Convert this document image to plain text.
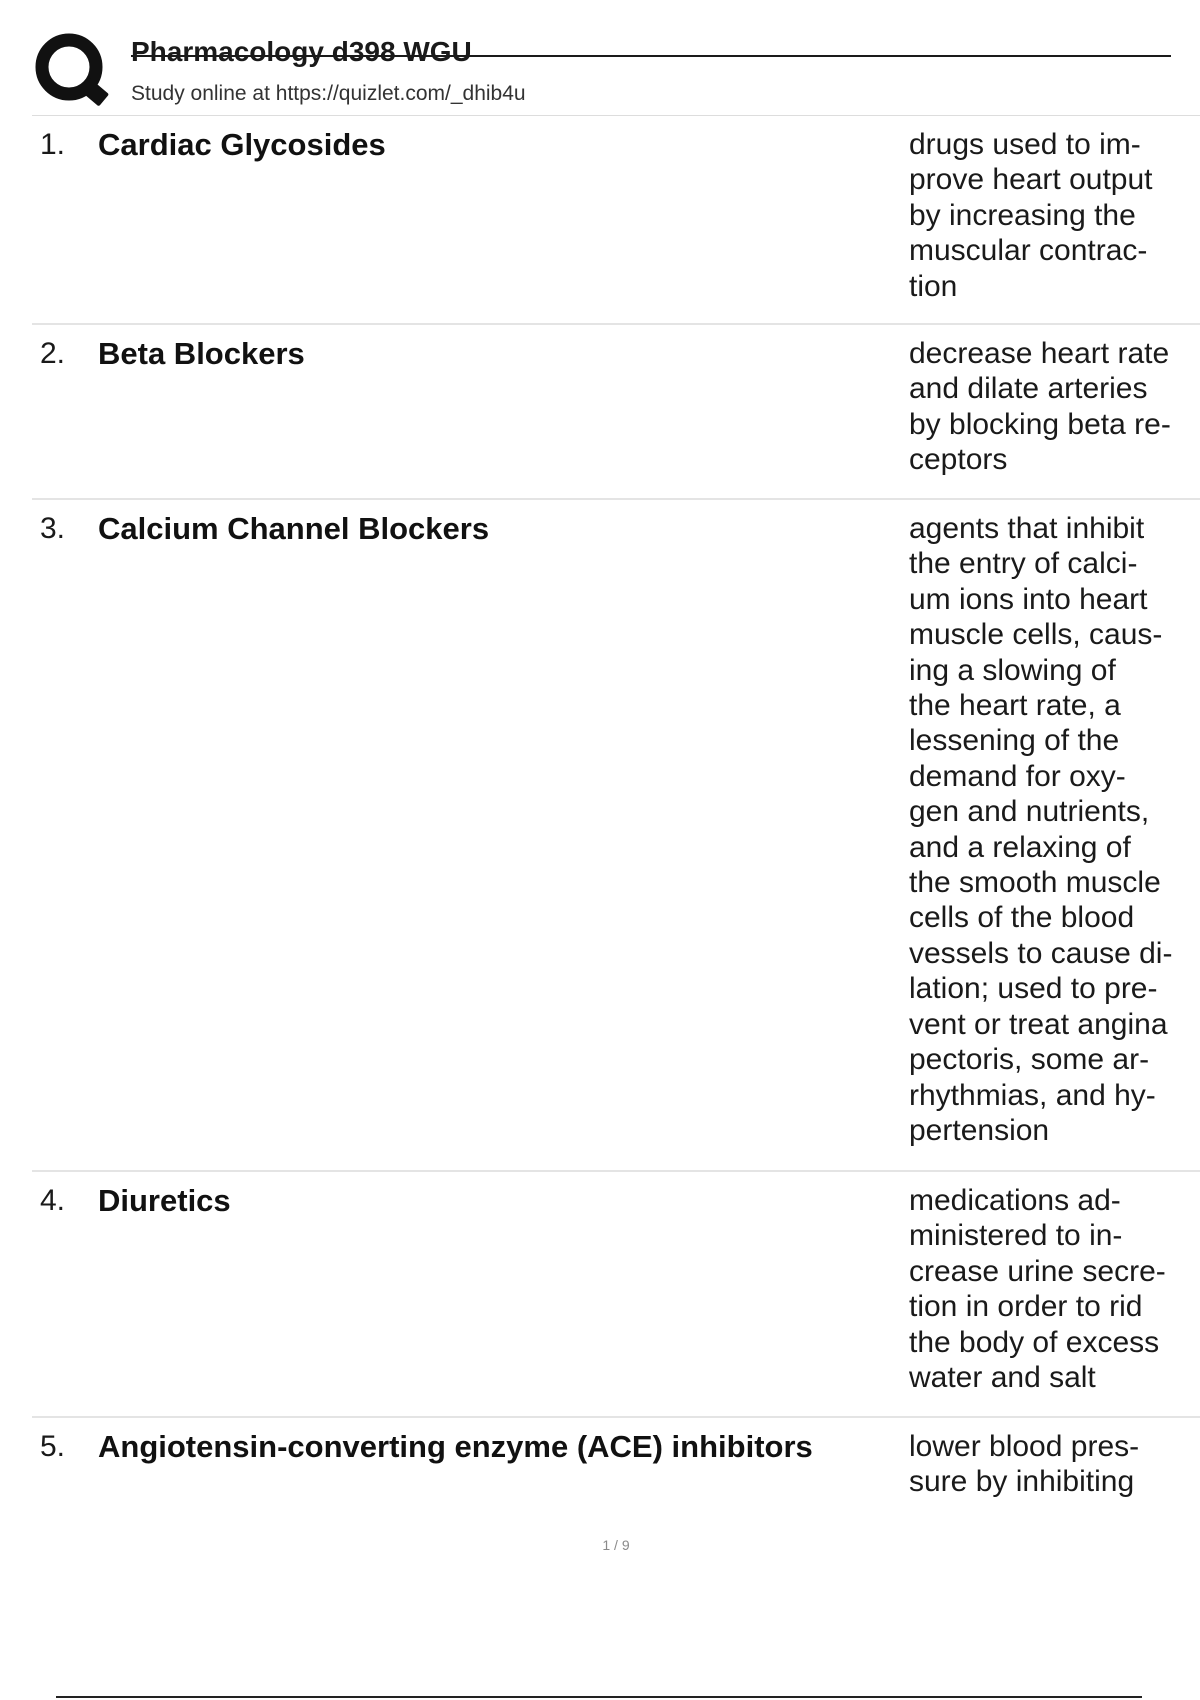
Pharmacology d398 WGU
Study online at https://quizlet.com/_dhib4u
1. Cardiac Glycosides	drugs used to im-
prove heart output
by increasing the
muscular contrac-
tion
2. Beta Blockers	decrease heart rate
and dilate arteries
by blocking beta re-
ceptors
3. Calcium Channel Blockers	agents that inhibit
the entry of calci-
um ions into heart
muscle cells, caus-
ing a slowing of
the heart rate, a
lessening of the
demand for oxy-
gen and nutrients,
and a relaxing of
the smooth muscle
cells of the blood
vessels to cause di-
lation; used to pre-
vent or treat angina
pectoris, some ar-
rhythmias, and hy-
pertension
4. Diuretics	medications ad-
ministered to in-
crease urine secre-
tion in order to rid
the body of excess
water and salt
5. Angiotensin-converting enzyme (ACE) inhibitors	lower blood pres-
sure by inhibiting
1 / 9
